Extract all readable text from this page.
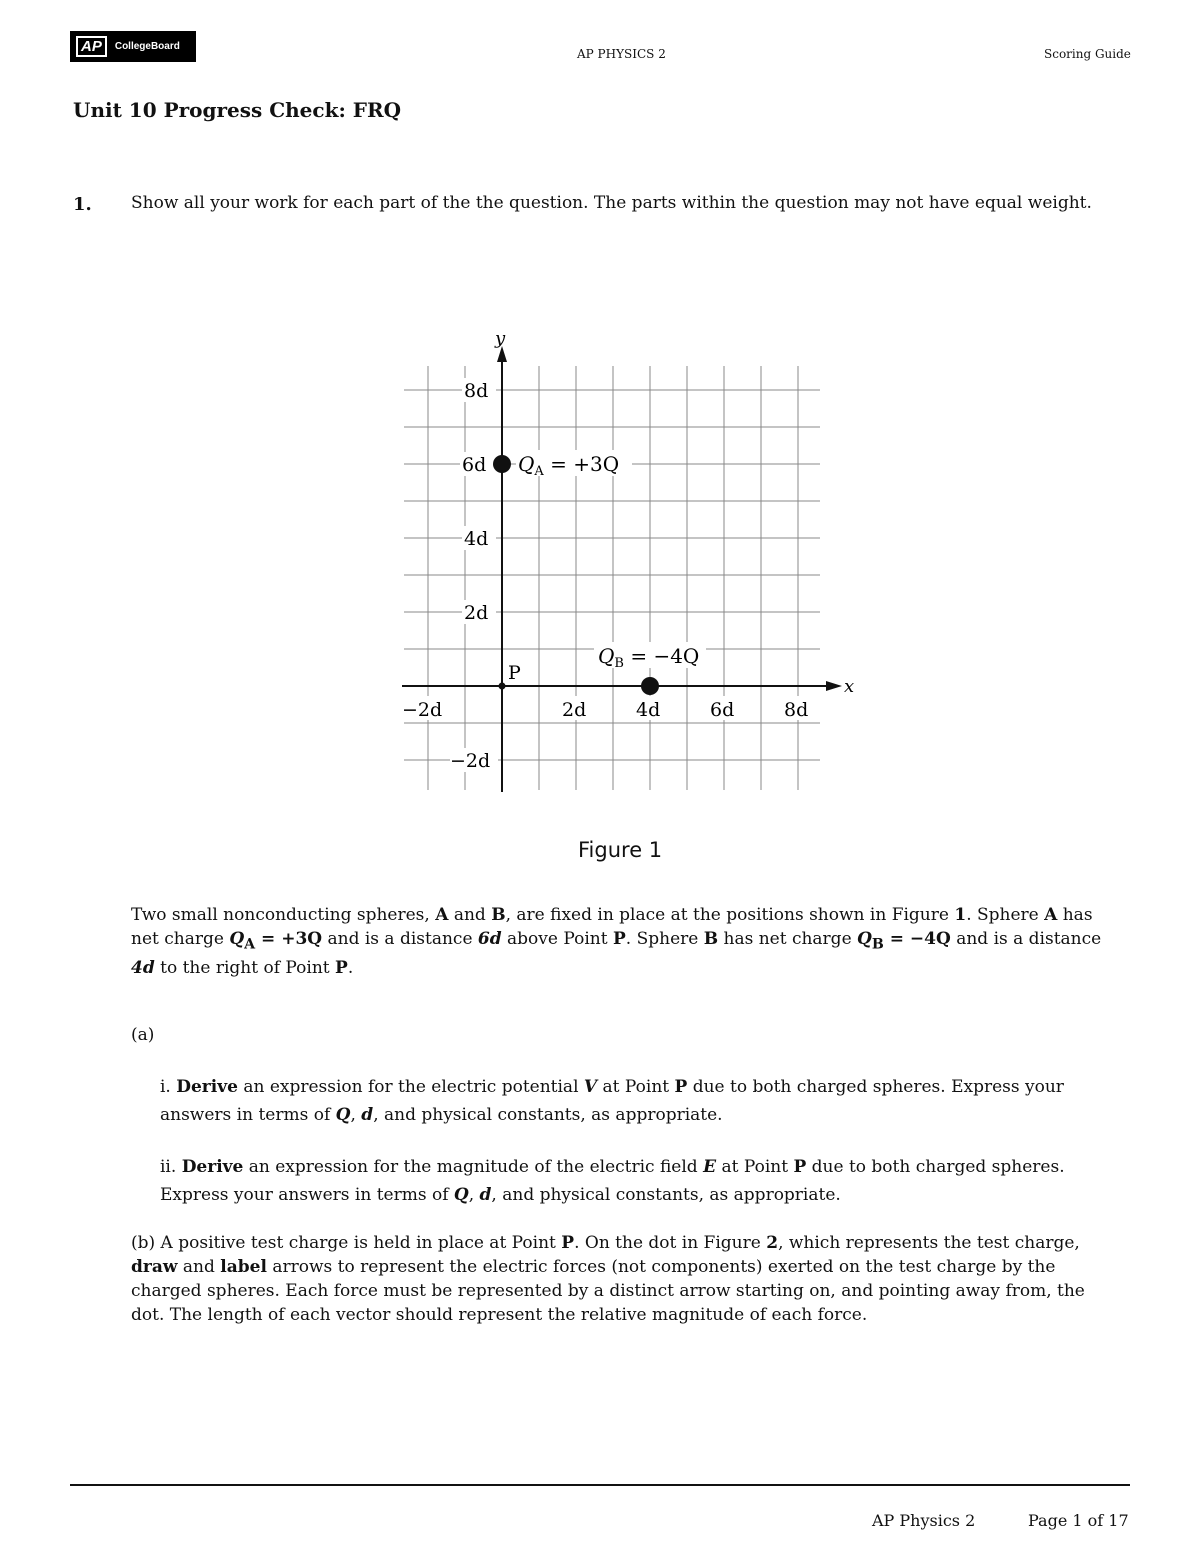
AP	CollegeBoard
AP PHYSICS 2	Scoring Guide
Unit 10 Progress Check: FRQ
1. Show all your work for each part of the the question. The parts within the question may not have equal weight.
x
y
−2d	2d	4d	6d	8d
8d
6d
4d
2d
−2d
P
$Q_A = +3Q$
$Q_B = -4Q$
Figure 1
Two small nonconducting spheres, A and B, are fixed in place at the positions shown in Figure 1. Sphere A has net charge $Q_A = +3Q$ and is a distance 6d above Point P. Sphere B has net charge $Q_B = -4Q$ and is a distance 4d to the right of Point P.
(a)
i. Derive an expression for the electric potential V at Point P due to both charged spheres. Express your answers in terms of Q, d, and physical constants, as appropriate.
ii. Derive an expression for the magnitude of the electric field E at Point P due to both charged spheres. Express your answers in terms of Q, d, and physical constants, as appropriate.
(b) A positive test charge is held in place at Point P. On the dot in Figure 2, which represents the test charge, draw and label arrows to represent the electric forces (not components) exerted on the test charge by the charged spheres. Each force must be represented by a distinct arrow starting on, and pointing away from, the dot. The length of each vector should represent the relative magnitude of each force.
AP Physics 2	Page 1 of 17
